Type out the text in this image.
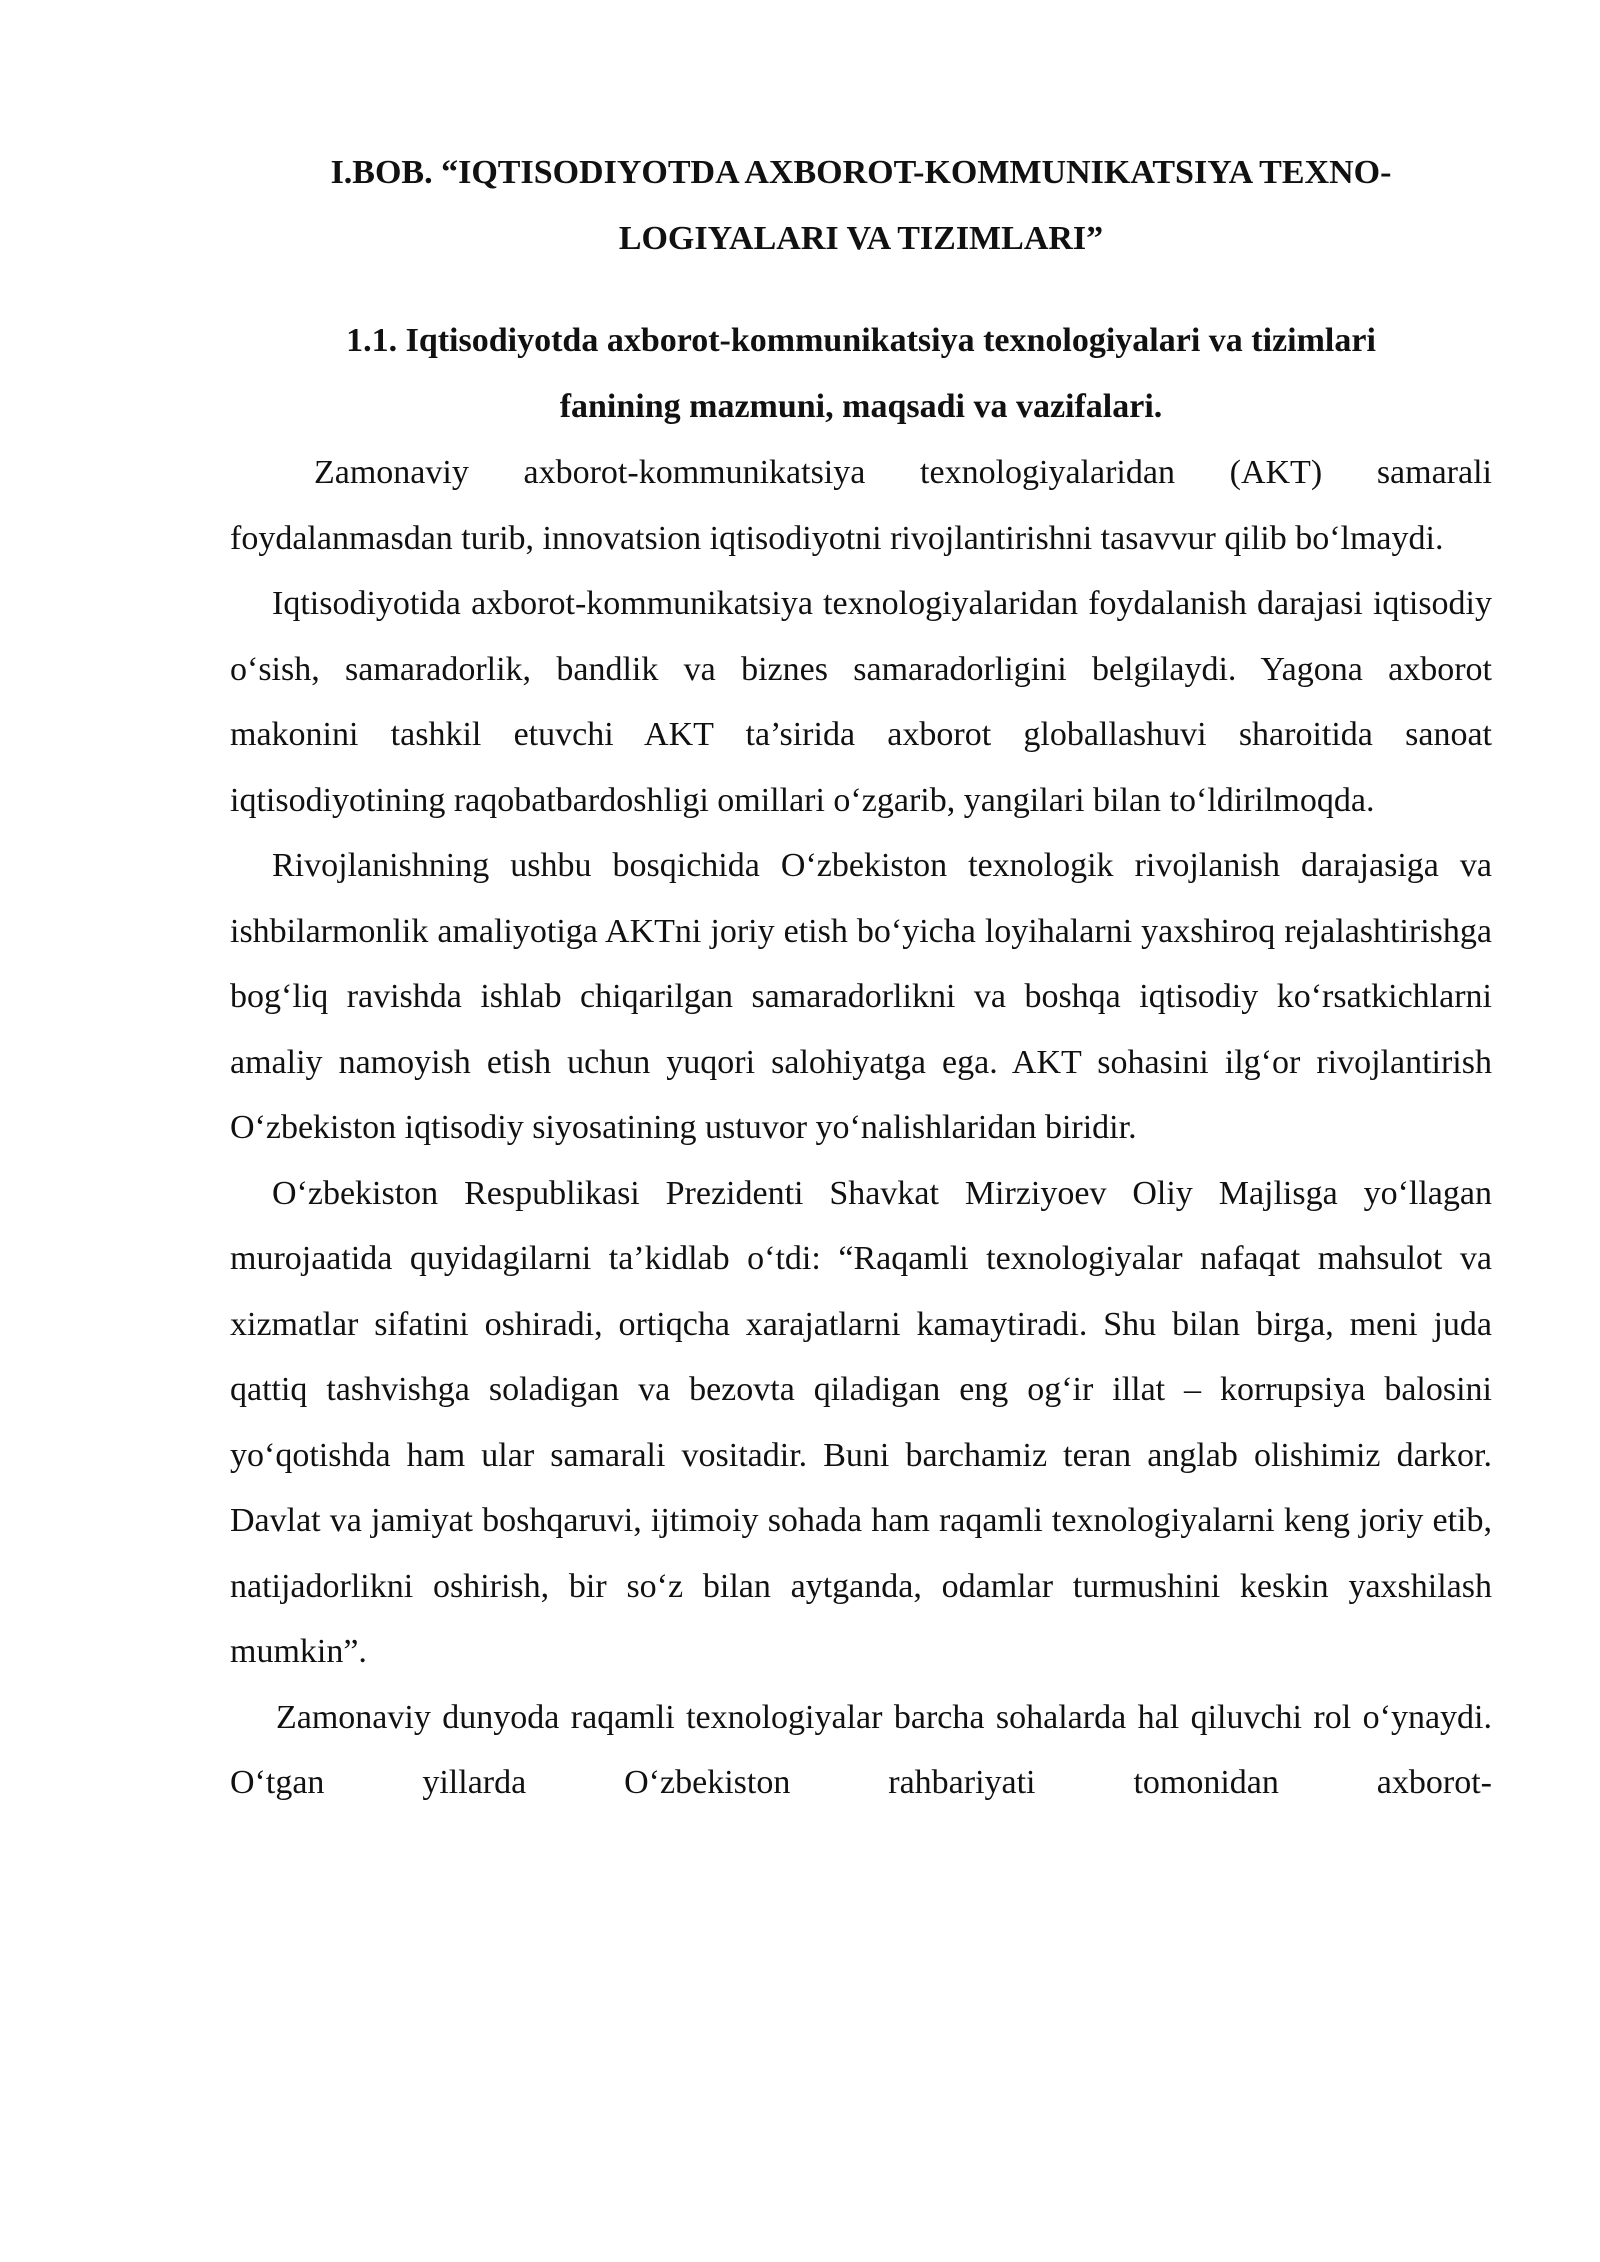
I.BOB. “IQTISODIYOTDA AXBOROT-KOMMUNIKATSIYA TEXNO-LOGIYALARI VA TIZIMLARI”
1.1. Iqtisodiyotda axborot-kommunikatsiya texnologiyalari va tizimlari fanining mazmuni, maqsadi va vazifalari.

Zamonaviy axborot-kommunikatsiya texnologiyalaridan (AKT) samarali foydalanmasdan turib, innovatsion iqtisodiyotni rivojlantirishni tasavvur qilib bo‘lmaydi.

Iqtisodiyotida axborot-kommunikatsiya texnologiyalaridan foydalanish darajasi iqtisodiy o‘sish, samaradorlik, bandlik va biznes samaradorligini belgilaydi. Yagona axborot makonini tashkil etuvchi AKT ta’sirida axborot globallashuvi sharoitida sanoat iqtisodiyotining raqobatbardoshligi omillari o‘zgarib, yangilari bilan to‘ldirilmoqda.

Rivojlanishning ushbu bosqichida O‘zbekiston texnologik rivojlanish darajasiga va ishbilarmonlik amaliyotiga AKTni joriy etish bo‘yicha loyihalarni yaxshiroq rejalashtirishga bog‘liq ravishda ishlab chiqarilgan samaradorlikni va boshqa iqtisodiy ko‘rsatkichlarni amaliy namoyish etish uchun yuqori salohiyatga ega. AKT sohasini ilg‘or rivojlantirish O‘zbekiston iqtisodiy siyosatining ustuvor yo‘nalishlaridan biridir.

O‘zbekiston Respublikasi Prezidenti Shavkat Mirziyoev Oliy Majlisga yo‘llagan murojaatida quyidagilarni ta’kidlab o‘tdi: “Raqamli texnologiyalar nafaqat mahsulot va xizmatlar sifatini oshiradi, ortiqcha xarajatlarni kamaytiradi. Shu bilan birga, meni juda qattiq tashvishga soladigan va bezovta qiladigan eng og‘ir illat – korrupsiya balosini yo‘qotishda ham ular samarali vositadir. Buni barchamiz teran anglab olishimiz darkor. Davlat va jamiyat boshqaruvi, ijtimoiy sohada ham raqamli texnologiyalarni keng joriy etib, natijadorlikni oshirish, bir so‘z bilan aytganda, odamlar turmushini keskin yaxshilash mumkin”.

Zamonaviy dunyoda raqamli texnologiyalar barcha sohalarda hal qiluvchi rol o‘ynaydi. O‘tgan yillarda O‘zbekiston rahbariyati tomonidan axborot-
